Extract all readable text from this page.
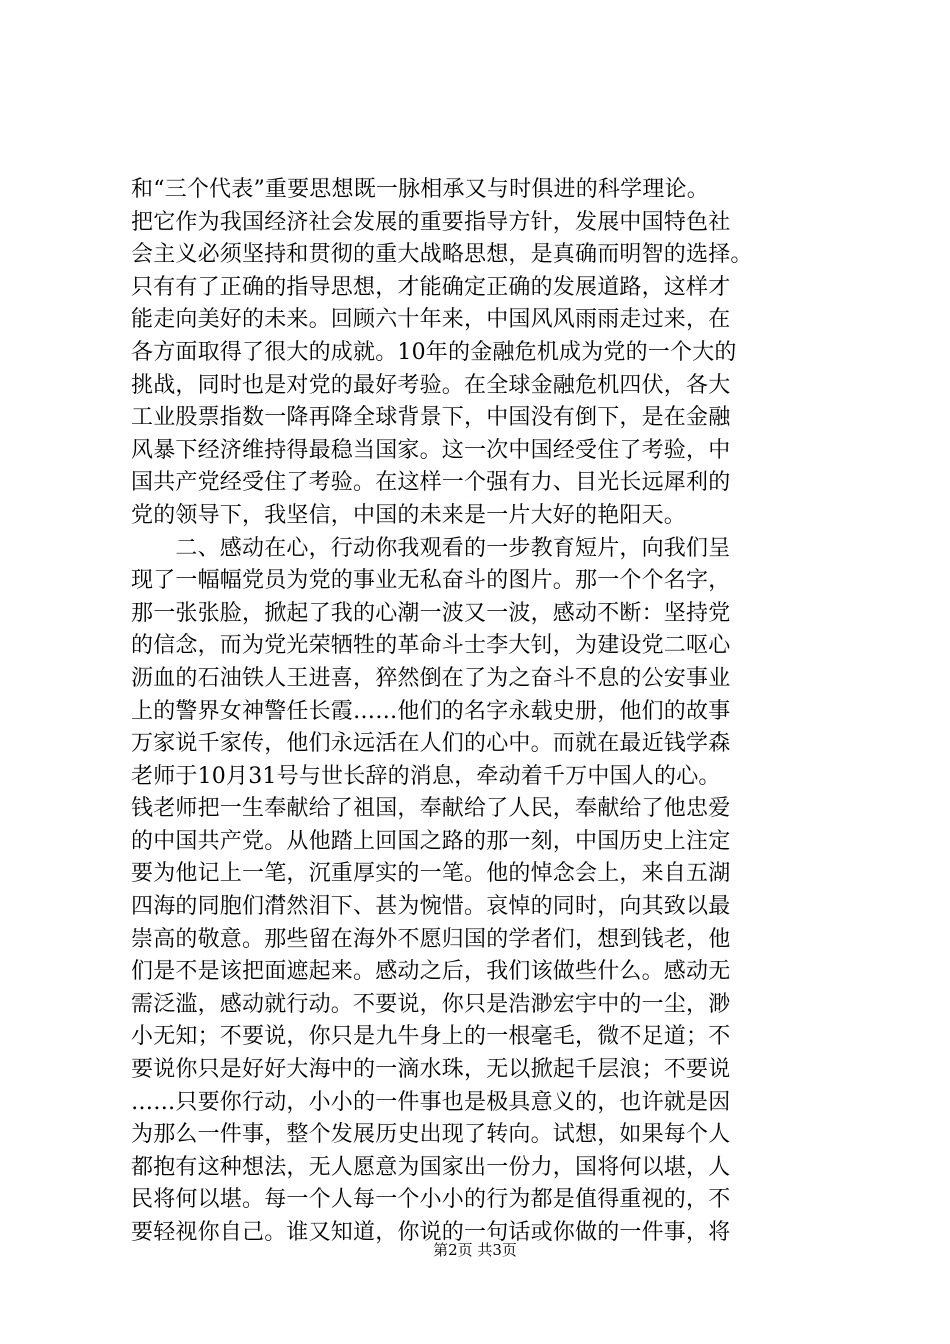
和“三个代表”重要思想既一脉相承又与时俱进的科学理论。
把它作为我国经济社会发展的重要指导方针，发展中国特色社
会主义必须坚持和贯彻的重大战略思想，是真确而明智的选择。
只有有了正确的指导思想，才能确定正确的发展道路，这样才
能走向美好的未来。回顾六十年来，中国风风雨雨走过来，在
各方面取得了很大的成就。10年的金融危机成为党的一个大的
挑战，同时也是对党的最好考验。在全球金融危机四伏，各大
工业股票指数一降再降全球背景下，中国没有倒下，是在金融
风暴下经济维持得最稳当国家。这一次中国经受住了考验，中
国共产党经受住了考验。在这样一个强有力、目光长远犀利的
党的领导下，我坚信，中国的未来是一片大好的艳阳天。
　　二、感动在心，行动你我观看的一步教育短片，向我们呈
现了一幅幅党员为党的事业无私奋斗的图片。那一个个名字，
那一张张脸，掀起了我的心潮一波又一波，感动不断：坚持党
的信念，而为党光荣牺牲的革命斗士李大钊，为建设党二呕心
沥血的石油铁人王进喜，猝然倒在了为之奋斗不息的公安事业
上的警界女神警任长霞……他们的名字永载史册，他们的故事
万家说千家传，他们永远活在人们的心中。而就在最近钱学森
老师于10月31号与世长辞的消息，牵动着千万中国人的心。
钱老师把一生奉献给了祖国，奉献给了人民，奉献给了他忠爱
的中国共产党。从他踏上回国之路的那一刻，中国历史上注定
要为他记上一笔，沉重厚实的一笔。他的悼念会上，来自五湖
四海的同胞们潸然泪下、甚为惋惜。哀悼的同时，向其致以最
崇高的敬意。那些留在海外不愿归国的学者们，想到钱老，他
们是不是该把面遮起来。感动之后，我们该做些什么。感动无
需泛滥，感动就行动。不要说，你只是浩渺宏宇中的一尘，渺
小无知；不要说，你只是九牛身上的一根毫毛，微不足道；不
要说你只是好好大海中的一滴水珠，无以掀起千层浪；不要说
……只要你行动，小小的一件事也是极具意义的，也许就是因
为那么一件事，整个发展历史出现了转向。试想，如果每个人
都抱有这种想法，无人愿意为国家出一份力，国将何以堪，人
民将何以堪。每一个人每一个小小的行为都是值得重视的，不
要轻视你自己。谁又知道，你说的一句话或你做的一件事，将
第2页 共3页
